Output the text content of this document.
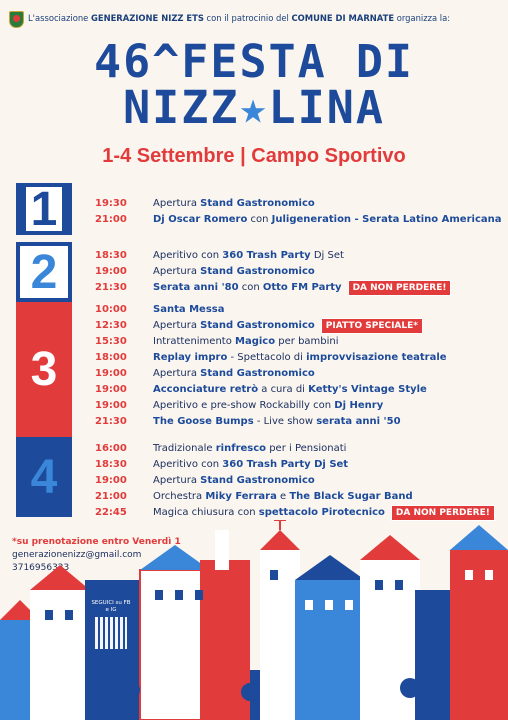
L'associazione GENERAZIONE NIZZ ETS con il patrocinio del COMUNE DI MARNATE organizza la:
46^FESTA DI
NIZZ★LINA
1-4 Settembre | Campo Sportivo
1
2
3
4
19:30	Apertura Stand Gastronomico
21:00	Dj Oscar Romero con Juligeneration - Serata Latino Americana
18:30	Aperitivo con 360 Trash Party Dj Set
19:00	Apertura Stand Gastronomico
21:30	Serata anni '80 con Otto FM Party DA NON PERDERE!
10:00	Santa Messa
12:30	Apertura Stand Gastronomico PIATTO SPECIALE*
15:30	Intrattenimento Magico per bambini
18:00	Replay impro - Spettacolo di improvvisazione teatrale
19:00	Apertura Stand Gastronomico
19:00	Acconciature retrò a cura di Ketty's Vintage Style
19:00	Aperitivo e pre-show Rockabilly con Dj Henry
21:30	The Goose Bumps - Live show serata anni '50
16:00	Tradizionale rinfresco per i Pensionati
18:30	Aperitivo con 360 Trash Party Dj Set
19:00	Apertura Stand Gastronomico
21:00	Orchestra Miky Ferrara e The Black Sugar Band
22:45	Magica chiusura con spettacolo Pirotecnico DA NON PERDERE!
*su prenotazione entro Venerdì 1
generazionenizz@gmail.com
3716956323
SEGUICI su FB e IG
